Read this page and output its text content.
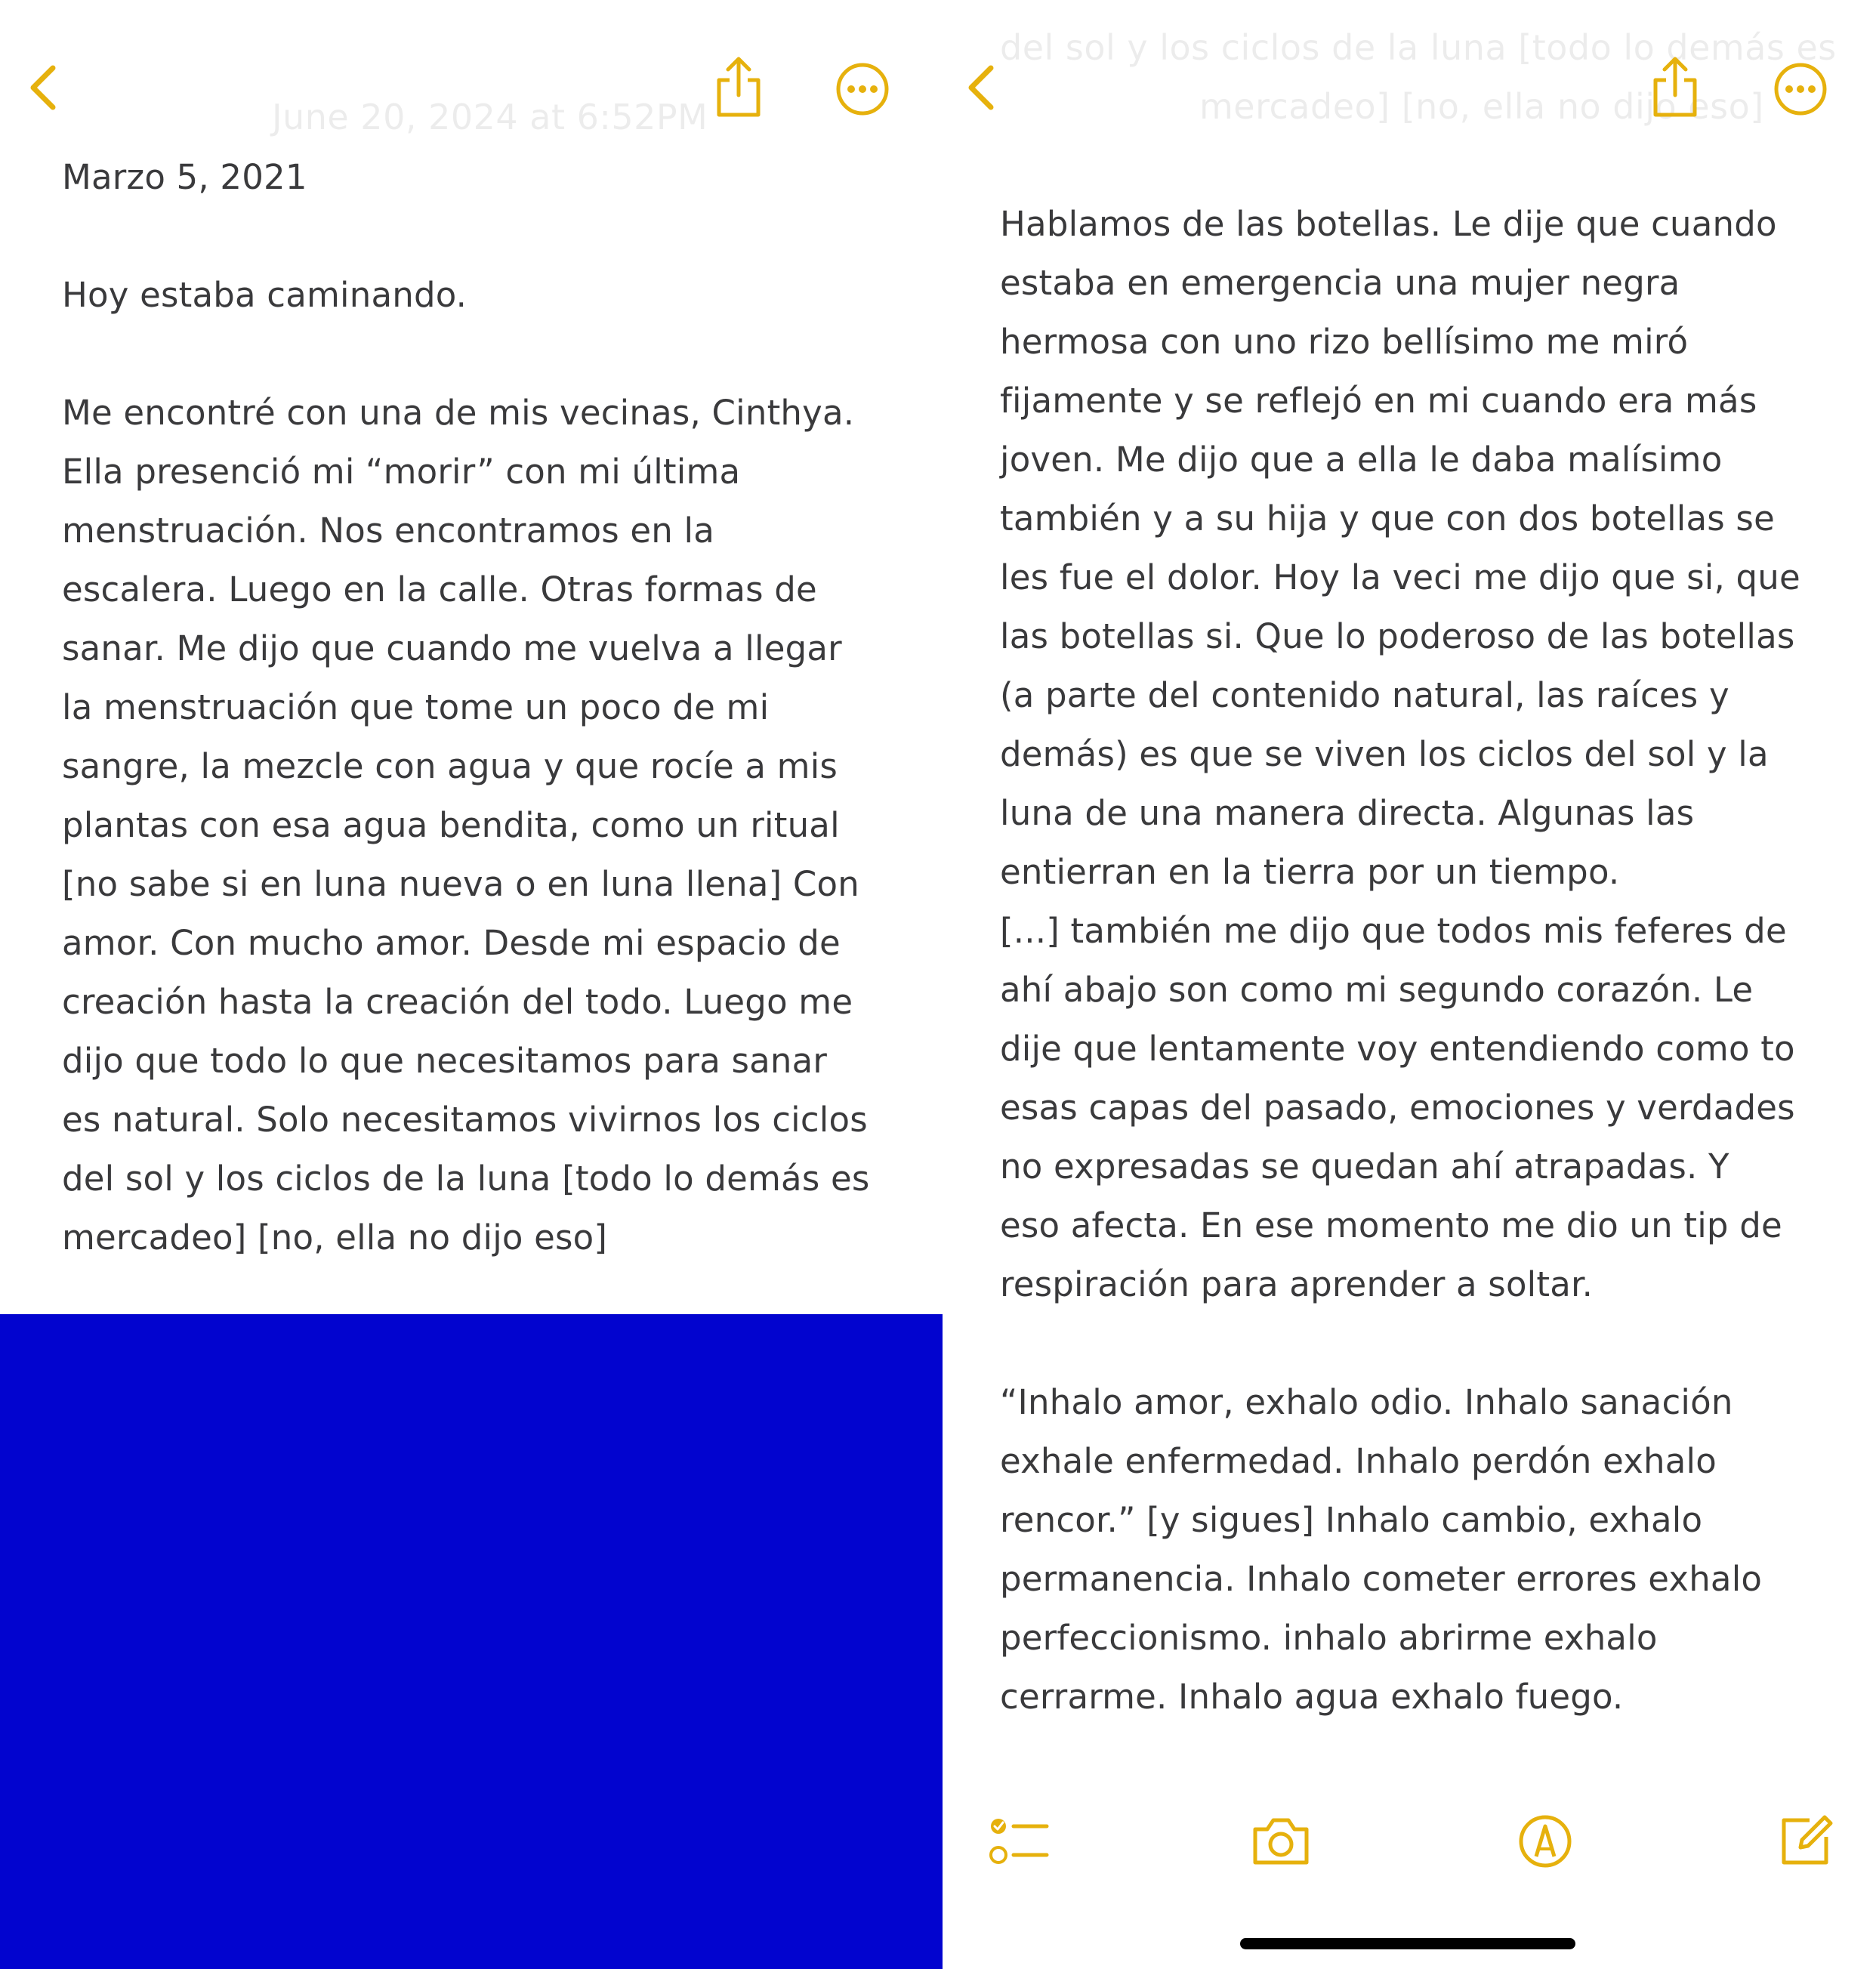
June 20, 2024 at 6:52PM

Marzo 5, 2021

Hoy estaba caminando.

Me encontré con una de mis vecinas, Cinthya.

Ella presenció mi “morir” con mi última

menstruación. Nos encontramos en la

escalera. Luego en la calle. Otras formas de

sanar. Me dijo que cuando me vuelva a llegar

la menstruación que tome un poco de mi

sangre, la mezcle con agua y que rocíe a mis

plantas con esa agua bendita, como un ritual

[no sabe si en luna nueva o en luna llena] Con

amor. Con mucho amor. Desde mi espacio de

creación hasta la creación del todo. Luego me

dijo que todo lo que necesitamos para sanar

es natural. Solo necesitamos vivirnos los ciclos

del sol y los ciclos de la luna [todo lo demás es

mercadeo] [no, ella no dijo eso]

del sol y los ciclos de la luna [todo lo demás es
mercadeo] [no, ella no dijo eso]

Hablamos de las botellas. Le dije que cuando

estaba en emergencia una mujer negra

hermosa con uno rizo bellísimo me miró

fijamente y se reflejó en mi cuando era más

joven. Me dijo que a ella le daba malísimo

también y a su hija y que con dos botellas se

les fue el dolor. Hoy la veci me dijo que si, que

las botellas si. Que lo poderoso de las botellas

(a parte del contenido natural, las raíces y

demás) es que se viven los ciclos del sol y la

luna de una manera directa. Algunas las

entierran en la tierra por un tiempo.

[...] también me dijo que todos mis feferes de

ahí abajo son como mi segundo corazón. Le

dije que lentamente voy entendiendo como to

esas capas del pasado, emociones y verdades

no expresadas se quedan ahí atrapadas. Y

eso afecta. En ese momento me dio un tip de

respiración para aprender a soltar.

“Inhalo amor, exhalo odio. Inhalo sanación

exhale enfermedad. Inhalo perdón exhalo

rencor.” [y sigues] Inhalo cambio, exhalo

permanencia. Inhalo cometer errores exhalo

perfeccionismo. inhalo abrirme exhalo

cerrarme. Inhalo agua exhalo fuego.
